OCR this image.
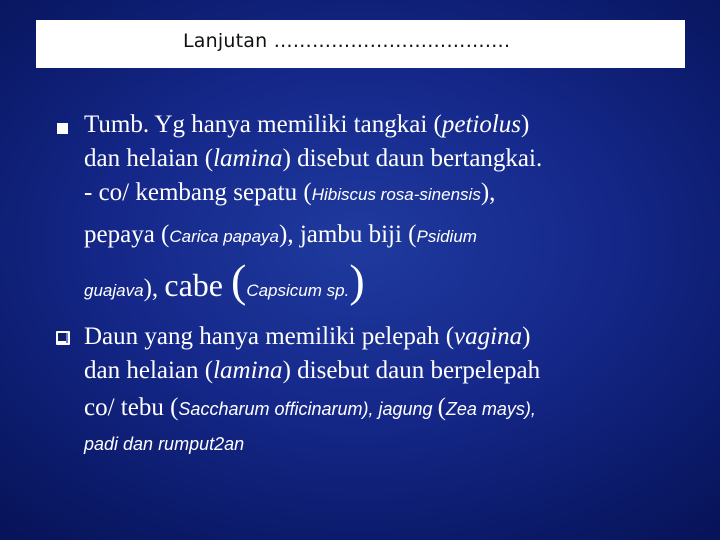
Lanjutan ……………………………….
Tumb. Yg hanya memiliki tangkai (petiolus)
dan helaian (lamina) disebut daun bertangkai.
- co/ kembang sepatu (Hibiscus rosa-sinensis),
pepaya (Carica papaya), jambu biji (Psidium
guajava), cabe (Capsicum sp.)
Daun yang hanya memiliki pelepah (vagina)
dan helaian (lamina) disebut daun berpelepah
co/ tebu (Saccharum officinarum), jagung (Zea mays),
padi dan rumput2an
